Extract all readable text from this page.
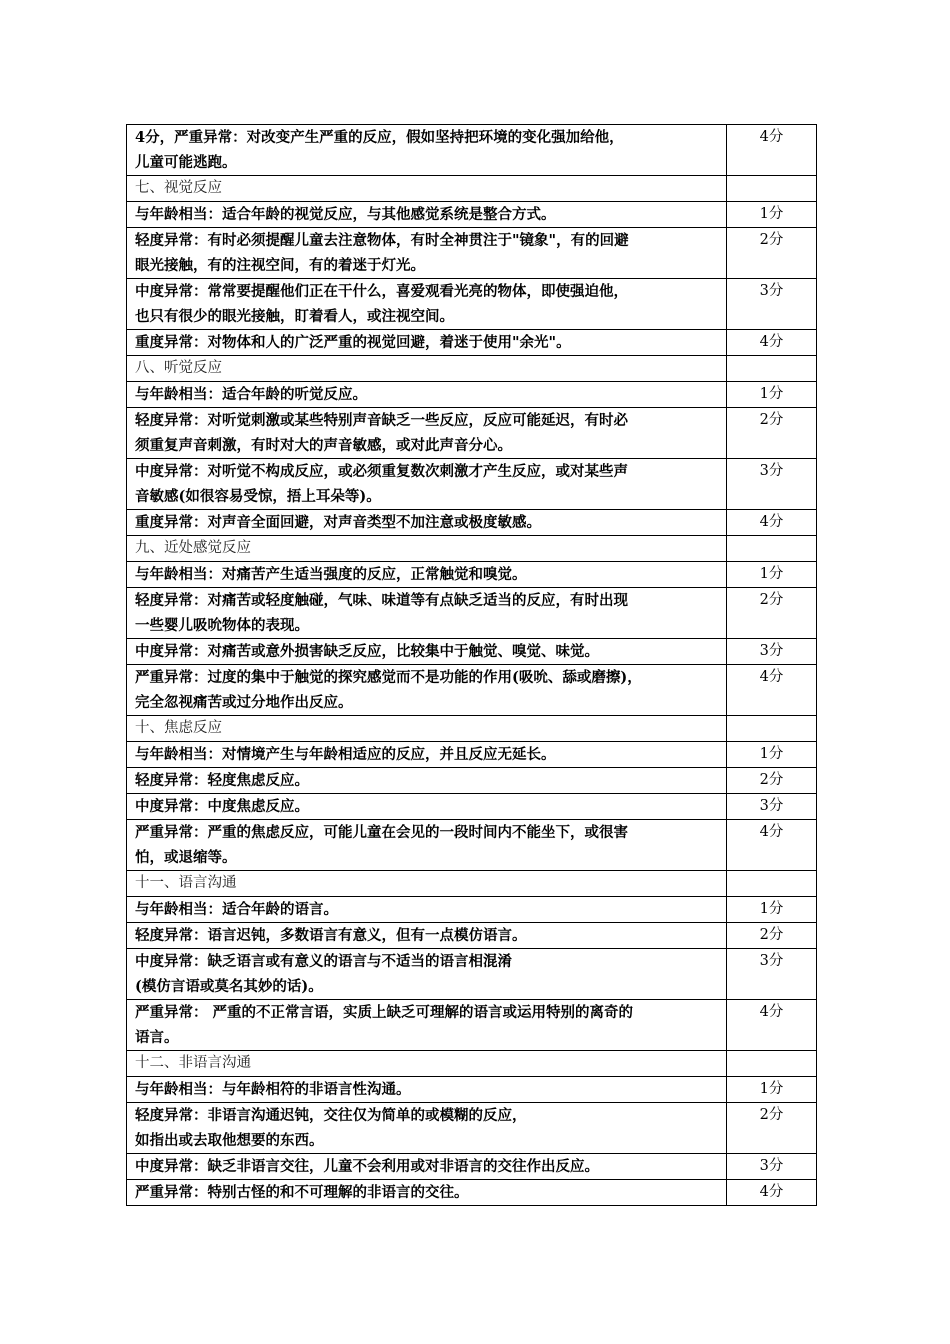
4分，严重异常：对改变产生严重的反应，假如坚持把环境的变化强加给他，
儿童可能逃跑。	4分

七、视觉反应	

与年龄相当：适合年龄的视觉反应，与其他感觉系统是整合方式。	1分

轻度异常：有时必须提醒儿童去注意物体，有时全神贯注于"镜象"，有的回避
眼光接触，有的注视空间，有的着迷于灯光。	2分

中度异常：常常要提醒他们正在干什么，喜爱观看光亮的物体，即使强迫他，
也只有很少的眼光接触，盯着看人，或注视空间。	3分

重度异常：对物体和人的广泛严重的视觉回避，着迷于使用"余光"。	4分

八、听觉反应	

与年龄相当：适合年龄的听觉反应。	1分

轻度异常：对听觉刺激或某些特别声音缺乏一些反应，反应可能延迟，有时必
须重复声音刺激，有时对大的声音敏感，或对此声音分心。	2分

中度异常：对听觉不构成反应，或必须重复数次刺激才产生反应，或对某些声
音敏感(如很容易受惊，捂上耳朵等)。	3分

重度异常：对声音全面回避，对声音类型不加注意或极度敏感。	4分

九、近处感觉反应	

与年龄相当：对痛苦产生适当强度的反应，正常触觉和嗅觉。	1分

轻度异常：对痛苦或轻度触碰，气味、味道等有点缺乏适当的反应，有时出现
一些婴儿吸吮物体的表现。	2分

中度异常：对痛苦或意外损害缺乏反应，比较集中于触觉、嗅觉、味觉。	3分

严重异常：过度的集中于触觉的探究感觉而不是功能的作用(吸吮、舔或磨擦)，
完全忽视痛苦或过分地作出反应。	4分

十、焦虑反应	

与年龄相当：对情境产生与年龄相适应的反应，并且反应无延长。	1分

轻度异常：轻度焦虑反应。	2分

中度异常：中度焦虑反应。	3分

严重异常：严重的焦虑反应，可能儿童在会见的一段时间内不能坐下，或很害
怕，或退缩等。	4分

十一、语言沟通	

与年龄相当：适合年龄的语言。	1分

轻度异常：语言迟钝，多数语言有意义，但有一点模仿语言。	2分

中度异常：缺乏语言或有意义的语言与不适当的语言相混淆
(模仿言语或莫名其妙的话)。	3分

严重异常： 严重的不正常言语，实质上缺乏可理解的语言或运用特别的离奇的
语言。	4分

十二、非语言沟通	

与年龄相当：与年龄相符的非语言性沟通。	1分

轻度异常：非语言沟通迟钝，交往仅为简单的或模糊的反应，
如指出或去取他想要的东西。	2分

中度异常：缺乏非语言交往，儿童不会利用或对非语言的交往作出反应。	3分

严重异常：特别古怪的和不可理解的非语言的交往。	4分
